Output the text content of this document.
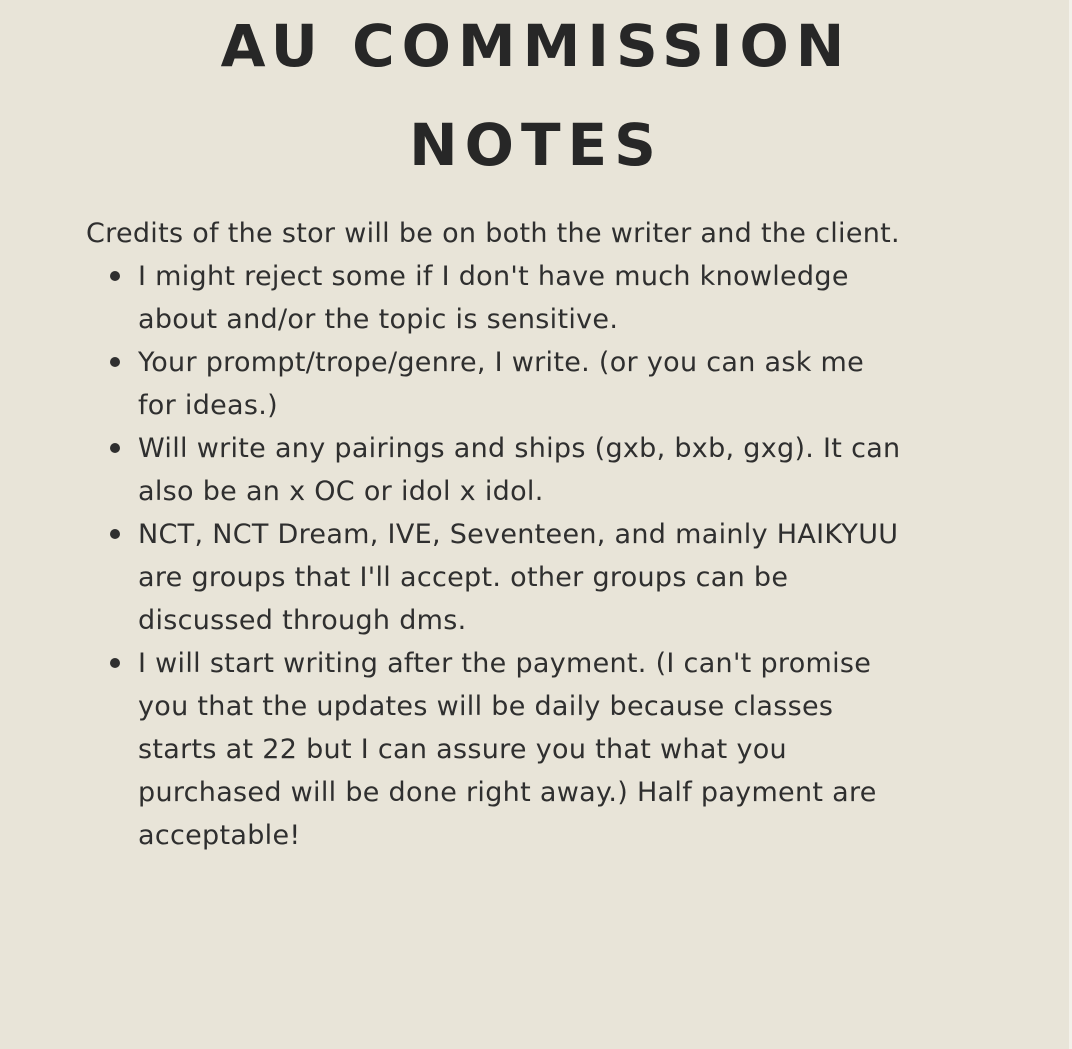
AU COMMISSION
NOTES

Credits of the stor will be on both the writer and the client.

I might reject some if I don't have much knowledge
about and/or the topic is sensitive.
Your prompt/trope/genre, I write. (or you can ask me
for ideas.)
Will write any pairings and ships (gxb, bxb, gxg). It can
also be an x OC or idol x idol.
NCT, NCT Dream, IVE, Seventeen, and mainly HAIKYUU
are groups that I'll accept. other groups can be
discussed through dms.
I will start writing after the payment. (I can't promise
you that the updates will be daily because classes
starts at 22 but I can assure you that what you
purchased will be done right away.) Half payment are
acceptable!
